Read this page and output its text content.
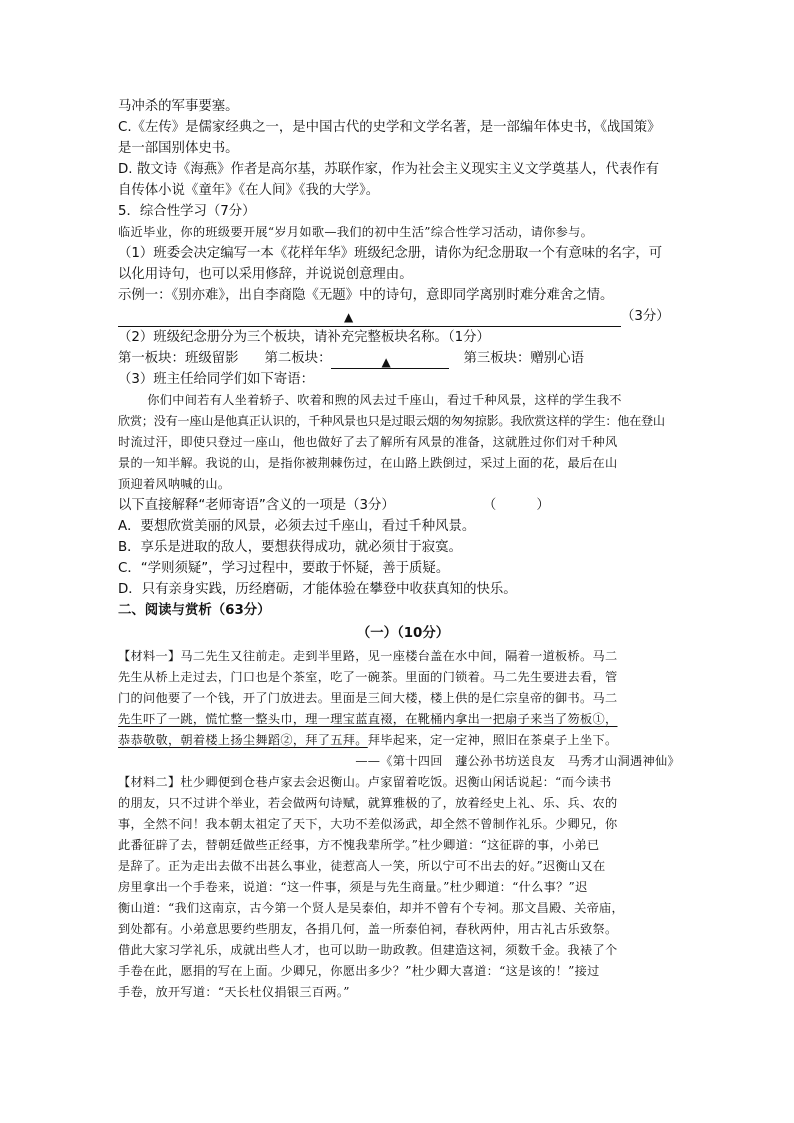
马冲杀的军事要塞。
C.《左传》是儒家经典之一，是中国古代的史学和文学名著，是一部编年体史书，《战国策》
是一部国别体史书。
D. 散文诗《海燕》作者是高尔基，苏联作家，作为社会主义现实主义文学奠基人，代表作有
自传体小说《童年》《在人间》《我的大学》。
5．综合性学习（7分）
临近毕业，你的班级要开展“岁月如歌—我们的初中生活”综合性学习活动，请你参与。
（1）班委会决定编写一本《花样年华》班级纪念册，请你为纪念册取一个有意味的名字，可
以化用诗句，也可以采用修辞，并说说创意理由。
示例一：《别亦难》，出自李商隐《无题》中的诗句，意即同学离别时难分难舍之情。
▲	（3分）
（2）班级纪念册分为三个板块，请补充完整板块名称。（1分）
第一板块：班级留影 第二板块：	▲	第三板块：赠别心语
（3）班主任给同学们如下寄语：
你们中间若有人坐着轿子、吹着和煦的风去过千座山，看过千种风景，这样的学生我不
欣赏；没有一座山是他真正认识的，千种风景也只是过眼云烟的匆匆掠影。我欣赏这样的学生：他在登山
时流过汗，即使只登过一座山，他也做好了去了解所有风景的准备，这就胜过你们对千种风
景的一知半解。我说的山，是指你被荆棘伤过，在山路上跌倒过，采过上面的花，最后在山
顶迎着风呐喊的山。
以下直接解释“老师寄语”含义的一项是（3分）	（　　　）
A．要想欣赏美丽的风景，必须去过千座山，看过千种风景。
B．享乐是进取的敌人，要想获得成功，就必须甘于寂寞。
C．“学则须疑”，学习过程中，要敢于怀疑，善于质疑。
D．只有亲身实践，历经磨砺，才能体验在攀登中收获真知的快乐。
二、阅读与赏析（63分）
（一）（10分）
【材料一】马二先生又往前走。走到半里路，见一座楼台盖在水中间，隔着一道板桥。马二
先生从桥上走过去，门口也是个茶室，吃了一碗茶。里面的门锁着。马二先生要进去看，管
门的问他要了一个钱，开了门放进去。里面是三间大楼，楼上供的是仁宗皇帝的御书。马二
先生吓了一跳，慌忙整一整头巾，理一理宝蓝直裰，在靴桶内拿出一把扇子来当了笏板①，
恭恭敬敬，朝着楼上扬尘舞蹈②，拜了五拜。拜毕起来，定一定神，照旧在茶桌子上坐下。
——《第十四回　蘧公孙书坊送良友　马秀才山洞遇神仙》
【材料二】杜少卿便到仓巷卢家去会迟衡山。卢家留着吃饭。迟衡山闲话说起：“而今读书
的朋友，只不过讲个举业，若会做两句诗赋，就算雅极的了，放着经史上礼、乐、兵、农的
事，全然不问！我本朝太祖定了天下，大功不差似汤武，却全然不曾制作礼乐。少卿兄，你
此番征辟了去，替朝廷做些正经事，方不愧我辈所学。”杜少卿道：“这征辟的事，小弟已
是辞了。正为走出去做不出甚么事业，徒惹高人一笑，所以宁可不出去的好。”迟衡山又在
房里拿出一个手卷来，说道：“这一件事，须是与先生商量。”杜少卿道：“什么事？”迟
衡山道：“我们这南京，古今第一个贤人是吴泰伯，却并不曾有个专祠。那文昌殿、关帝庙，
到处都有。小弟意思要约些朋友，各捐几何，盖一所泰伯祠，春秋两仲，用古礼古乐致祭。
借此大家习学礼乐，成就出些人才，也可以助一助政教。但建造这祠，须数千金。我裱了个
手卷在此，愿捐的写在上面。少卿兄，你愿出多少？”杜少卿大喜道：“这是该的！”接过
手卷，放开写道：“天长杜仪捐银三百两。”
